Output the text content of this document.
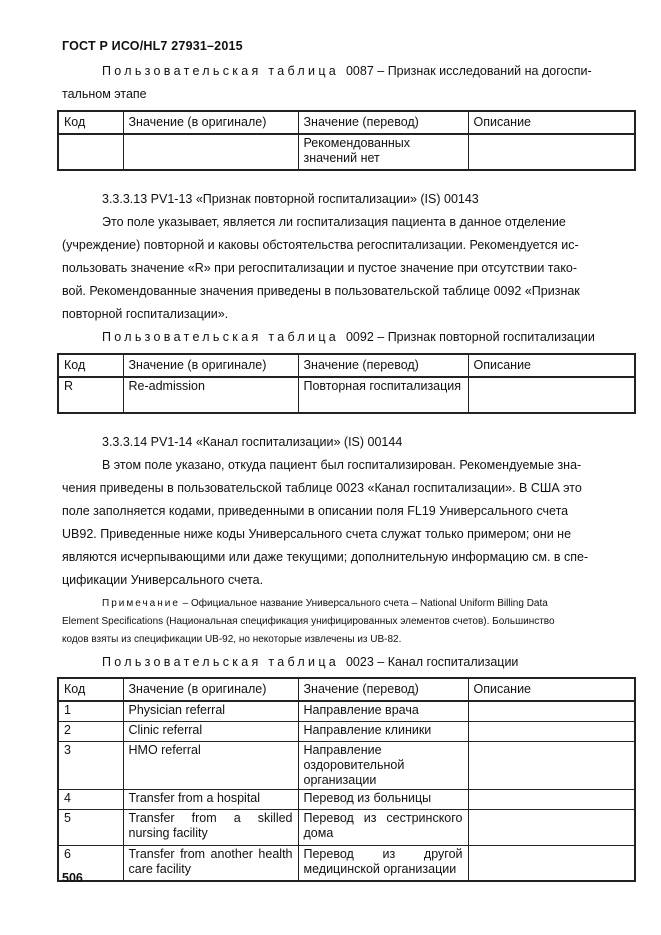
ГОСТ Р ИСО/HL7 27931–2015
Пользовательская таблица 0087 – Признак исследований на догоспи-
тальном этапе
Код	Значение (в оригинале)	Значение (перевод)	Описание
		Рекомендованных значений нет	
3.3.3.13 PV1-13 «Признак повторной госпитализации» (IS) 00143
Это поле указывает, является ли госпитализация пациента в данное отделение
(учреждение) повторной и каковы обстоятельства регоспитализации. Рекомендуется ис-
пользовать значение «R» при регоспитализации и пустое значение при отсутствии тако-
вой. Рекомендованные значения приведены в пользовательской таблице 0092 «Признак
повторной госпитализации».
Пользовательская таблица 0092 – Признак повторной госпитализации
Код	Значение (в оригинале)	Значение (перевод)	Описание
R	Re-admission	Повторная госпитализация	
3.3.3.14 PV1-14 «Канал госпитализации» (IS) 00144
В этом поле указано, откуда пациент был госпитализирован. Рекомендуемые зна-
чения приведены в пользовательской таблице 0023 «Канал госпитализации». В США это
поле заполняется кодами, приведенными в описании поля FL19 Универсального счета
UB92. Приведенные ниже коды Универсального счета служат только примером; они не
являются исчерпывающими или даже текущими; дополнительную информацию см. в спе-
цификации Универсального счета.
Примечание – Официальное название Универсального счета – National Uniform Billing Data
Element Specifications (Национальная спецификация унифицированных элементов счетов). Большинство
кодов взяты из спецификации UB-92, но некоторые извлечены из UB-82.
Пользовательская таблица 0023 – Канал госпитализации
Код	Значение (в оригинале)	Значение (перевод)	Описание
1	Physician referral	Направление врача	
2	Clinic referral	Направление клиники	
3	HMO referral	Направление оздоровительной организации	
4	Transfer from a hospital	Перевод из больницы	
5	Transfer from a skilled nursing facility	Перевод из сестринского дома	
6	Transfer from another health care facility	Перевод из другой медицинской организации	
506
